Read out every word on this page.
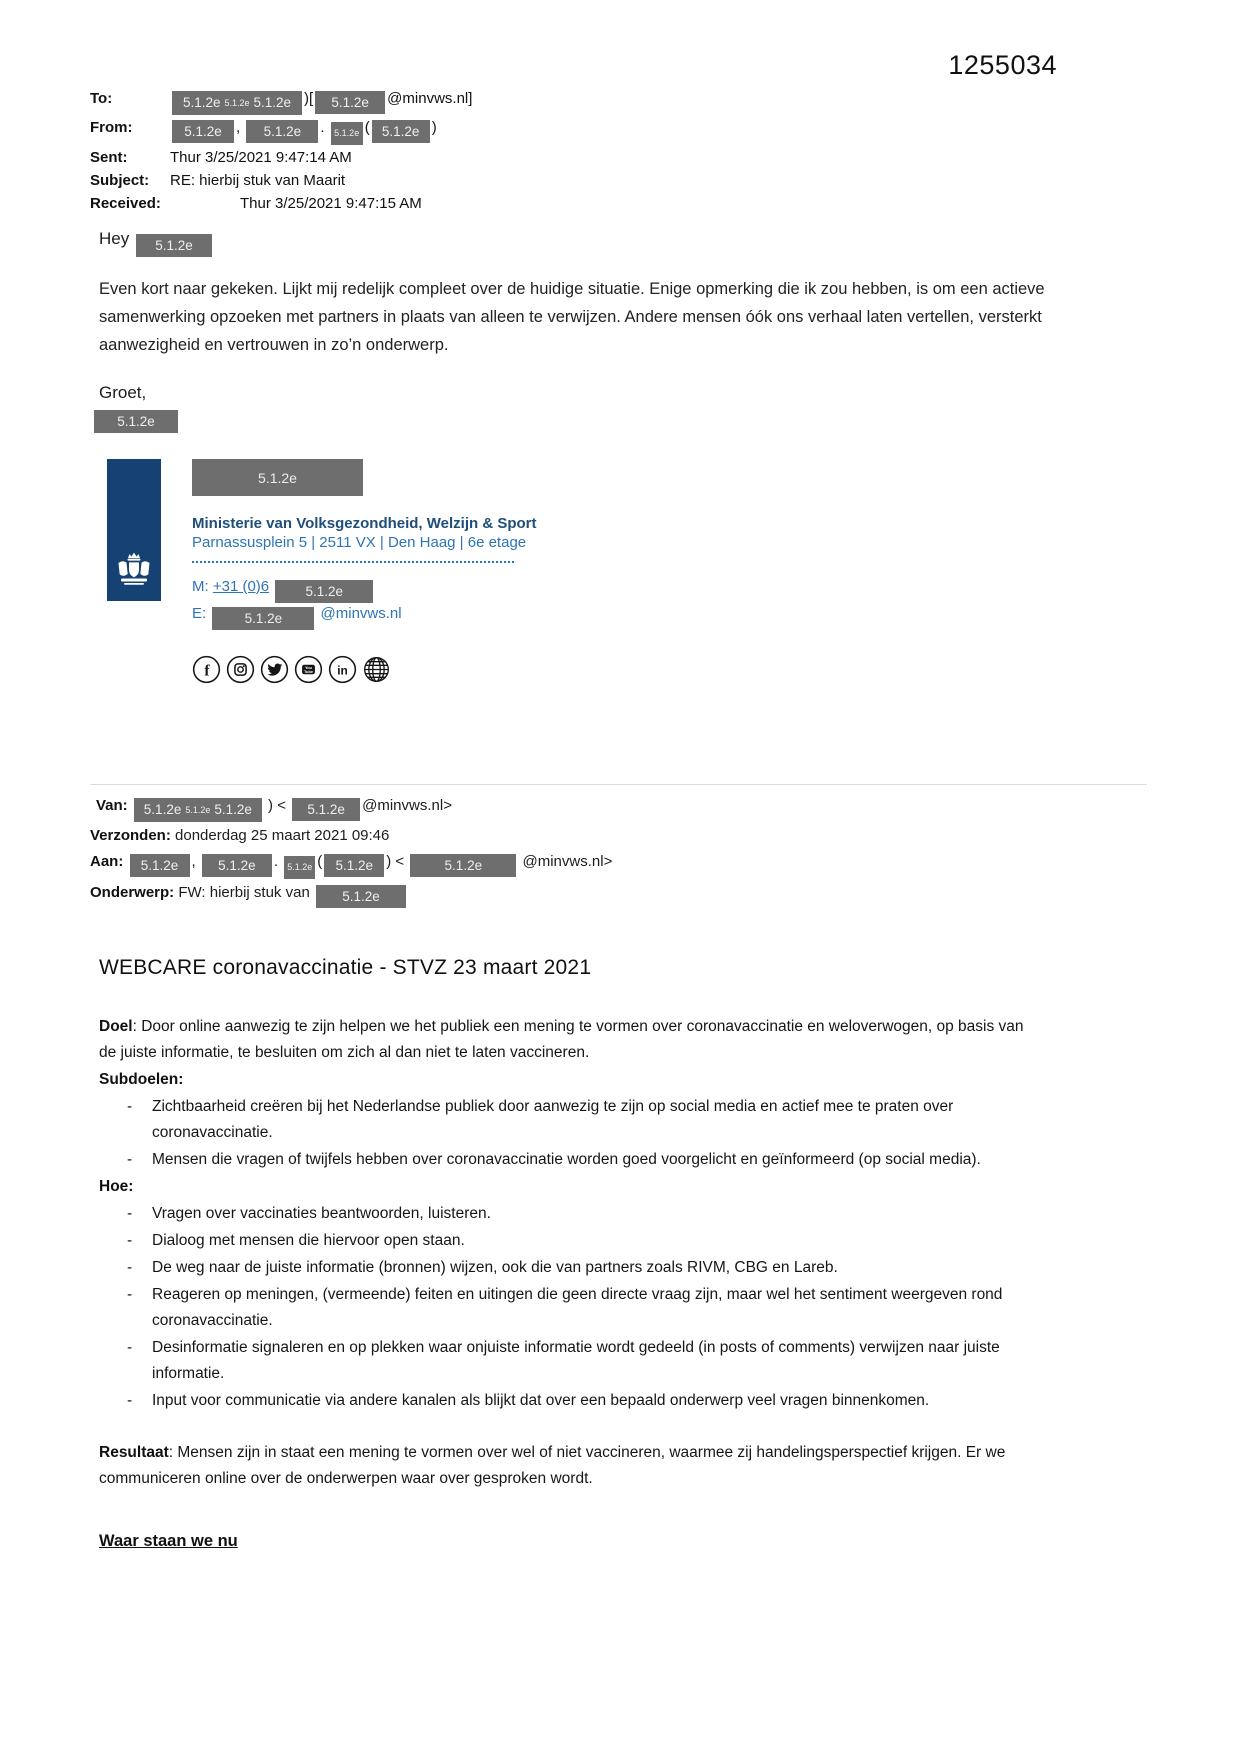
1255034
To:	5.1.2e 5.1.2e 5.1.2e )[ 5.1.2e @minvws.nl]
From:	5.1.2e , 5.1.2e . 5.1.2e ( 5.1.2e )
Sent:	Thur 3/25/2021 9:47:14 AM
Subject:	RE: hierbij stuk van Maarit
Received:	Thur 3/25/2021 9:47:15 AM
Hey 5.1.2e
Even kort naar gekeken. Lijkt mij redelijk compleet over de huidige situatie. Enige opmerking die ik zou hebben, is om een actieve samenwerking opzoeken met partners in plaats van alleen te verwijzen. Andere mensen óók ons verhaal laten vertellen, versterkt aanwezigheid en vertrouwen in zo’n onderwerp.
Groet,
5.1.2e
5.1.2e
Ministerie van Volksgezondheid, Welzijn & Sport
Parnassusplein 5 | 2511 VX | Den Haag | 6e etage
M: +31 (0)6	5.1.2e
E:	5.1.2e	@minvws.nl
f	You
Tube in
Van: 5.1.2e 5.1.2e 5.1.2e ) < 5.1.2e @minvws.nl>
Verzonden: donderdag 25 maart 2021 09:46
Aan: 5.1.2e , 5.1.2e . 5.1.2e ( 5.1.2e ) <	5.1.2e @minvws.nl>
Onderwerp: FW: hierbij stuk van 5.1.2e
WEBCARE coronavaccinatie - STVZ 23 maart 2021
Doel: Door online aanwezig te zijn helpen we het publiek een mening te vormen over coronavaccinatie en weloverwogen, op basis van de juiste informatie, te besluiten om zich al dan niet te laten vaccineren.
Subdoelen:
- Zichtbaarheid creëren bij het Nederlandse publiek door aanwezig te zijn op social media en actief mee te praten over coronavaccinatie.
- Mensen die vragen of twijfels hebben over coronavaccinatie worden goed voorgelicht en geïnformeerd (op social media).
Hoe:
- Vragen over vaccinaties beantwoorden, luisteren.
- Dialoog met mensen die hiervoor open staan.
- De weg naar de juiste informatie (bronnen) wijzen, ook die van partners zoals RIVM, CBG en Lareb.
- Reageren op meningen, (vermeende) feiten en uitingen die geen directe vraag zijn, maar wel het sentiment weergeven rond coronavaccinatie.
- Desinformatie signaleren en op plekken waar onjuiste informatie wordt gedeeld (in posts of comments) verwijzen naar juiste informatie.
- Input voor communicatie via andere kanalen als blijkt dat over een bepaald onderwerp veel vragen binnenkomen.
Resultaat: Mensen zijn in staat een mening te vormen over wel of niet vaccineren, waarmee zij handelingsperspectief krijgen. Er we communiceren online over de onderwerpen waar over gesproken wordt.
Waar staan we nu
